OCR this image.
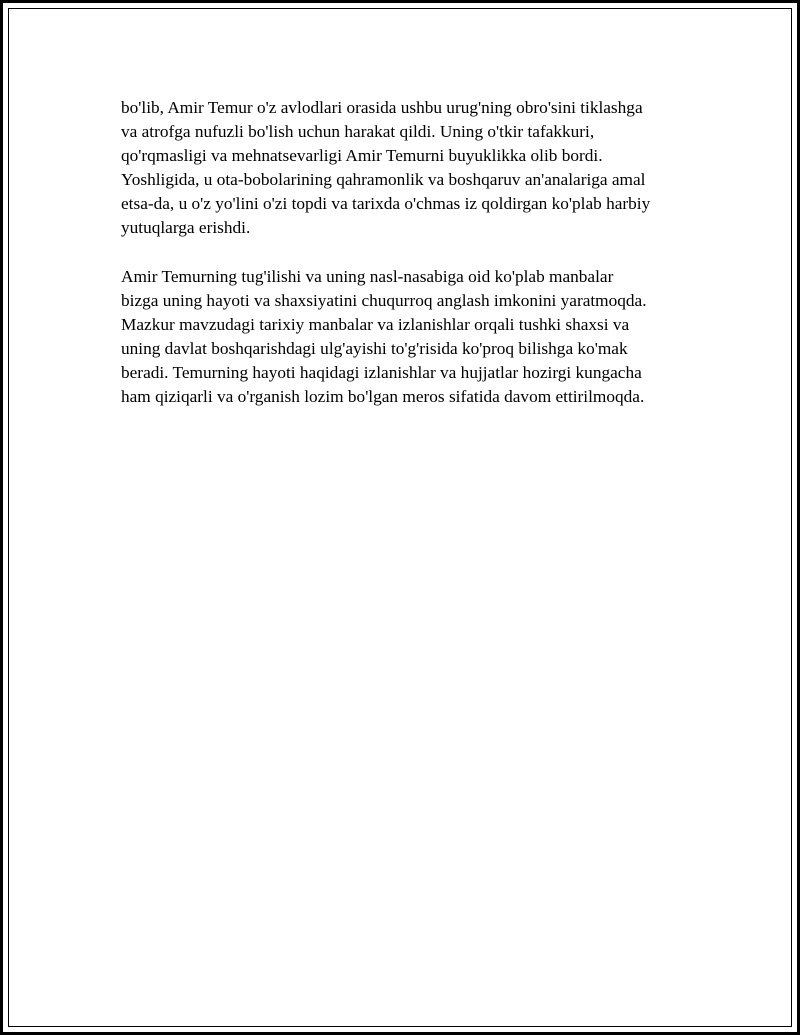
bo'lib, Amir Temur o'z avlodlari orasida ushbu urug'ning obro'sini tiklashga
va atrofga nufuzli bo'lish uchun harakat qildi. Uning o'tkir tafakkuri,
qo'rqmasligi va mehnatsevarligi Amir Temurni buyuklikka olib bordi.
Yoshligida, u ota-bobolarining qahramonlik va boshqaruv an'analariga amal
etsa-da, u o'z yo'lini o'zi topdi va tarixda o'chmas iz qoldirgan ko'plab harbiy
yutuqlarga erishdi.

Amir Temurning tug'ilishi va uning nasl-nasabiga oid ko'plab manbalar
bizga uning hayoti va shaxsiyatini chuqurroq anglash imkonini yaratmoqda.
Mazkur mavzudagi tarixiy manbalar va izlanishlar orqali tushki shaxsi va
uning davlat boshqarishdagi ulg'ayishi to'g'risida ko'proq bilishga ko'mak
beradi. Temurning hayoti haqidagi izlanishlar va hujjatlar hozirgi kungacha
ham qiziqarli va o'rganish lozim bo'lgan meros sifatida davom ettirilmoqda.
